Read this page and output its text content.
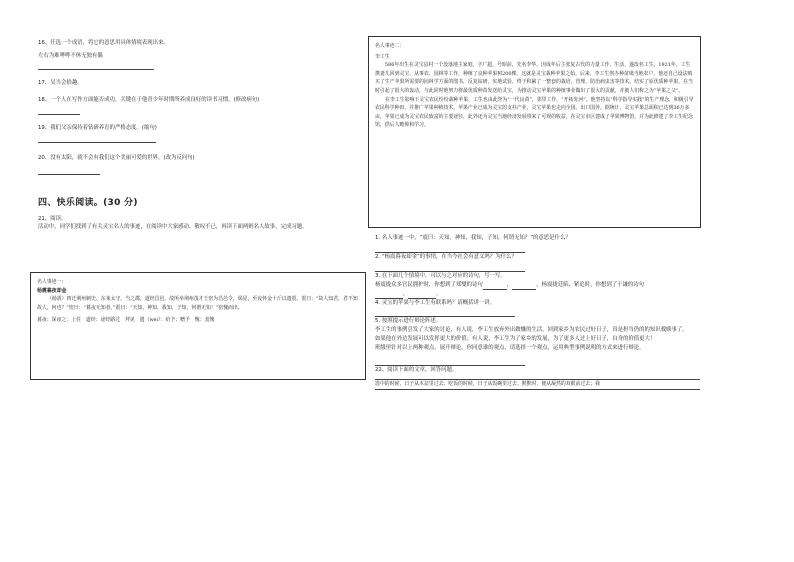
16、任选一个成语，将它的意思用具体情境表现出来。

左右为难哗哗不休无独有偶

17、吴当会拾趣。

18、一个人在写作方面能否成功，关键在于他青少年时期所养成良好的读书习惯。(修改病句)

19、我们父亲保持着钻研养育的严格态度。(缩句)

20、没有太阳，就不会有我们这个美丽可爱的世界。(改为反问句)

四、快乐阅读。(30 分)

21、阅读。

活动中，同学们找到了有关灵宝名人的事迹，在阅读中大家感动、敬叹不已，再读下面两则名人故事，完成习题。

名人事迹一：

杨震暮夜却金

（杨震）四迁荆州刺史、东莱太守。当之郡，道经昌邑，故所举荆州茂才王密为昌邑令，谒见，至夜怀金十斤以遗震。震曰：“故人知君，君不知故人，何也？”密曰：“暮夜无知者。”震曰：“天知，神知，我知，子知，何谓无知！”密愧而出。

暮夜：深夜之：上任　道经：途经路过　拜见　遗（wèi）：给予；赠予　愧：羞愧

名人事迹二：

李工生

586年出生在灵宝县村一个没落地主家庭，字广超，号昭前，先名李华，因成年后主张复古代的力量工作、生活，遂改名工生。1921年，工生携妻儿回到灵宝，从事农、园林等工作，种植了良种苹果树200棵，这就是灵宝栽种苹果之始。后来，李工生创办种苗場当地农户，他还自己设法购买了生产苹果所需要的园林学方面的图书，反复钻研，实地试验，终于积累了一整套的栽培、管理、防治病虫害等技术。结实了原优质种苹果，在当时引起了很大的轰动，与此同时他努力将最优质种苗发送给灵宝，为推动灵宝苹果的种植事业做出了很大的贡献，并被人们称之为“苹果之父”。

在李工生影响下灵宝农民纷纷栽种苹果，工生也由此誉为“一代良苗”，邻里工作，“开拓先河”。他坚持以“科学指导实践”的生产理念，积极引导农民科学种田，并推广苹果种植技术。苹果产业已成为灵宝的支柱产业，灵宝苹果也走向全国、出口国外。据统计，灵宝苹果总面积已达到36万多亩，苹果已成为灵宝农民致富的主要途径，此外还为灵宝当地经济发展带来了可观的收益，在灵宝市区建成了苹果博物馆，并为此修建了李工生纪念馆，供后人瞻仰和学习。

1. 名人事迹一中，“震曰：天知，神知，我知，子知，何谓无知？”的意思是什么？

2. “杨震暮夜却金”的事情，在当今社会有意义吗？为什么？

3. 在下面几个情境中，可以与之对应的诗句，写一写。

杨震拢众多官民拥护时，你想到了郑燮的诗句	，	，杨震拢廷陷、紧追时，你想到了于谦的诗句

，	。

4. 灵宝的苹果与李工生有联系吗？请概括讲一讲。

5. 按照提示进行辩论阵述。

李工生的事例引发了大家的讨论，有人说，李工生放弃外出做赚的生活，回到家乡为农民过好日子，真是担当仍的的知识救赎事了。如果他在外边发展可以发挥更大的价值；有人说，李工生为了家乡的发展，为了更多人过上好日子，自身的价值更大！

班级里针对以上两种观点，展开辩论。你同意谁的观点，请选择一个观点，运用典型事例说明的方式来进行辩论。

22、阅读下面的文章，回答问题。

选中的时候，日子从木盆里过去；吃饭的时候，日子从饭碗里过去；默默时，便从凝然的双眼前过去；我
